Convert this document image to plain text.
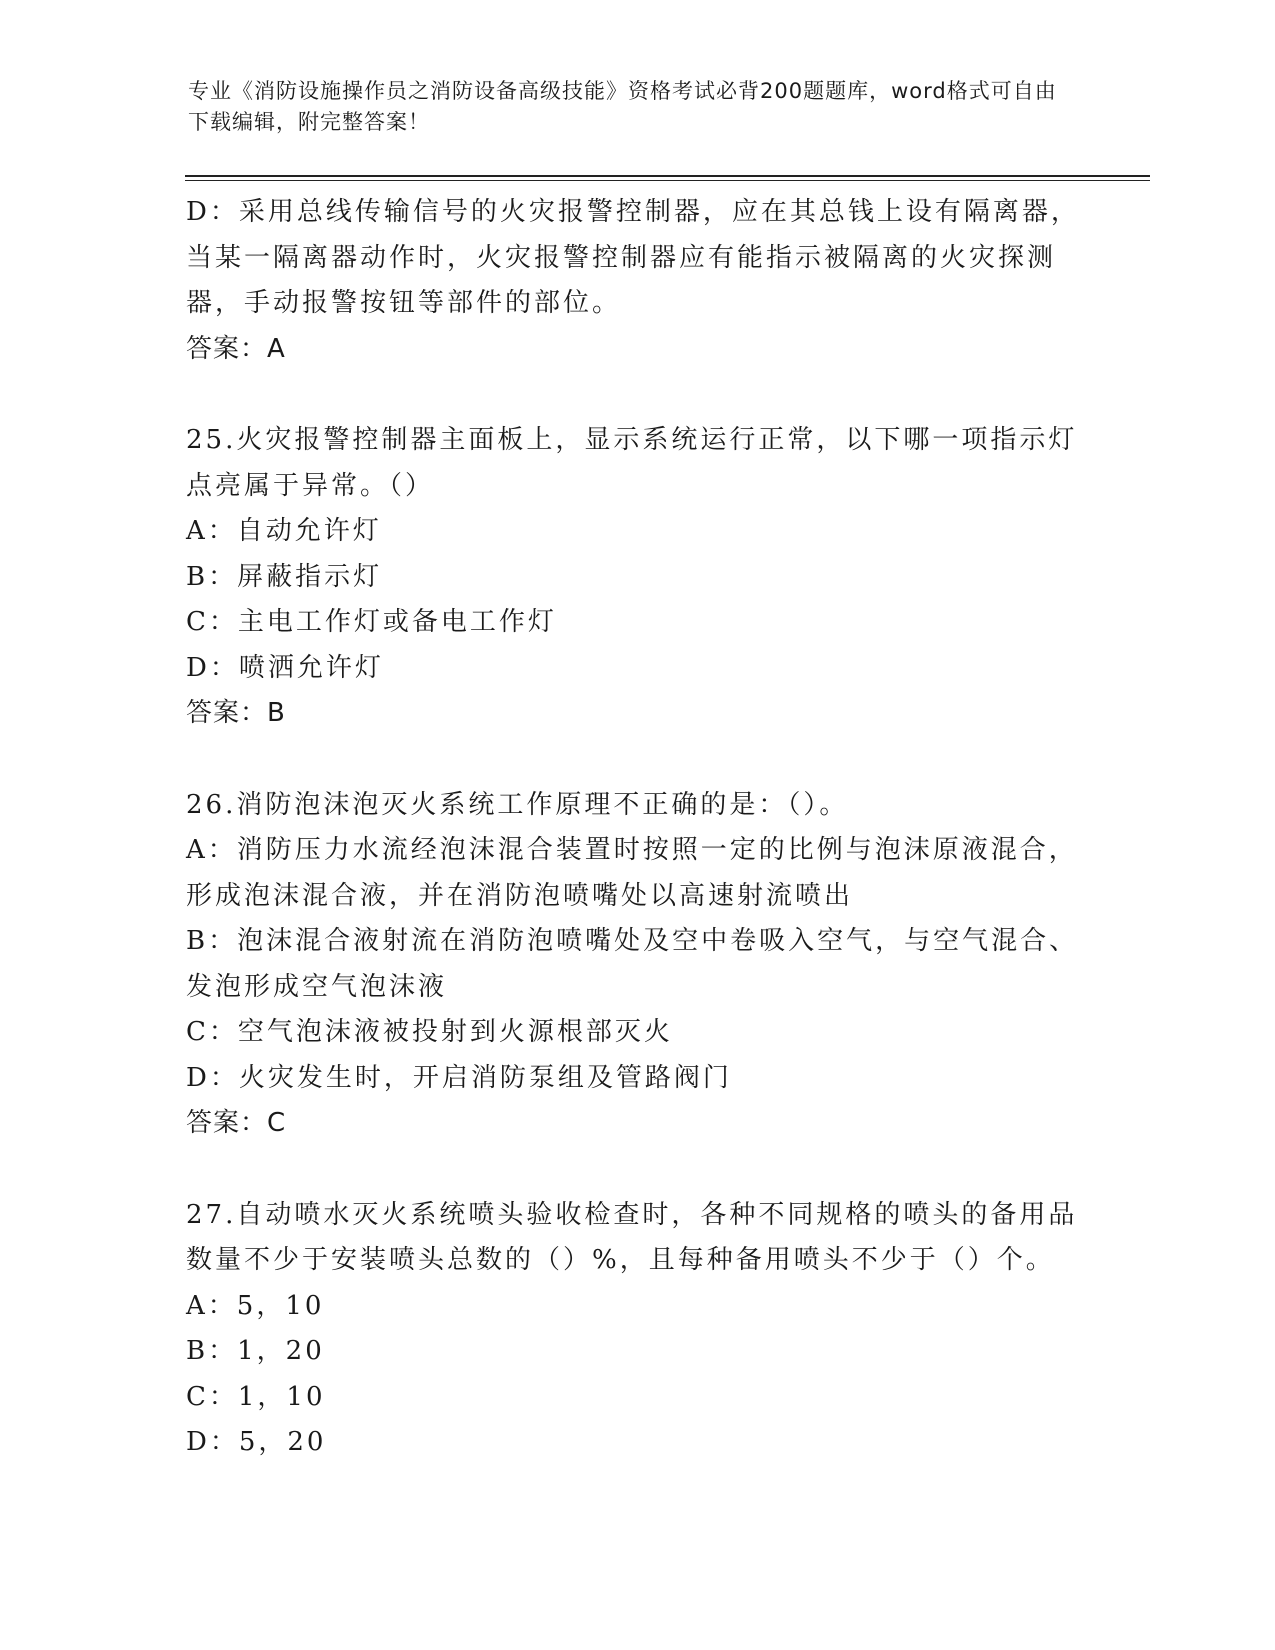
专业《消防设施操作员之消防设备高级技能》资格考试必背200题题库，word格式可自由下载编辑，附完整答案！

D：采用总线传输信号的火灾报警控制器，应在其总钱上设有隔离器，当某一隔离器动作时，火灾报警控制器应有能指示被隔离的火灾探测器，手动报警按钮等部件的部位。

答案：A

25.火灾报警控制器主面板上，显示系统运行正常，以下哪一项指示灯点亮属于异常。（）

A：自动允许灯

B：屏蔽指示灯

C：主电工作灯或备电工作灯

D：喷洒允许灯

答案：B

26.消防泡沫泡灭火系统工作原理不正确的是：（）。

A：消防压力水流经泡沫混合装置时按照一定的比例与泡沫原液混合，形成泡沫混合液，并在消防泡喷嘴处以高速射流喷出

B：泡沫混合液射流在消防泡喷嘴处及空中卷吸入空气，与空气混合、发泡形成空气泡沫液

C：空气泡沫液被投射到火源根部灭火

D：火灾发生时，开启消防泵组及管路阀门

答案：C

27.自动喷水灭火系统喷头验收检查时，各种不同规格的喷头的备用品数量不少于安装喷头总数的（）%，且每种备用喷头不少于（）个。

A：5，10

B：1，20

C：1，10

D：5，20
